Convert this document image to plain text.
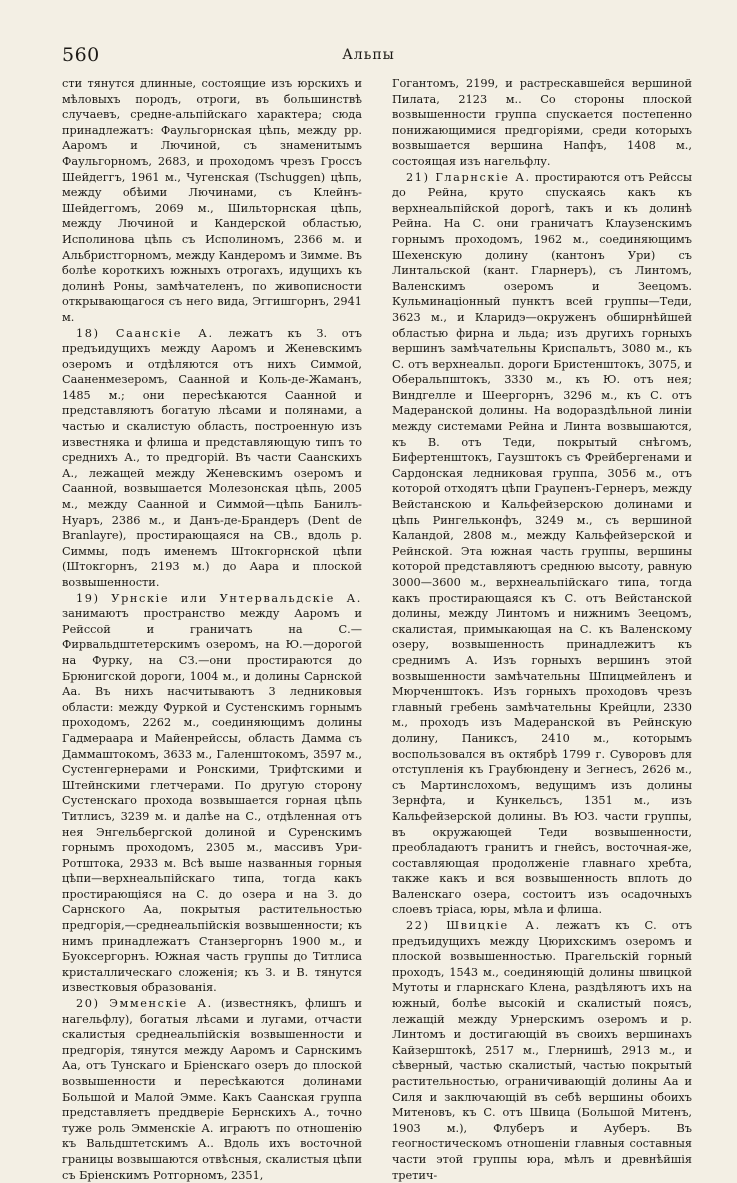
560	Альпы

сти тянутся длинные, состоящие изъ юрскихъ и мѣловыхъ породъ, отроги, въ большинствѣ случаевъ, средне-альпійскаго характера; сюда принадлежатъ: Фаульгорнская цѣпь, между рр. Ааромъ и Лючиной, съ знаменитымъ Фаульгорномъ, 2683, и проходомъ чрезъ Гроссъ Шейдеггъ, 1961 м., Чугенская (Tschuggen) цѣпь, между обѣими Лючинами, съ Клейнъ-Шейдеггомъ, 2069 м., Шильторнская цѣпь, между Лючиной и Кандерской областью, Исполинова цѣпь съ Исполиномъ, 2366 м. и Альбристгорномъ, между Кандеромъ и Зимме. Въ болѣе короткихъ южныхъ отрогахъ, идущихъ къ долинѣ Роны, замѣчателенъ, по живописности открывающагося съ него вида, Эггишгорнъ, 2941 м.

18) Саанскіе А. лежатъ къ З. отъ предъидущихъ между Ааромъ и Женевскимъ озеромъ и отдѣляются отъ нихъ Симмой, Сааненмезеромъ, Саанной и Коль-де-Жаманъ, 1485 м.; они пересѣкаются Саанной и представляютъ богатую лѣсами и полянами, а частью и скалистую область, построенную изъ известняка и флиша и представляющую типъ то среднихъ А., то предгорій. Въ части Саанскихъ А., лежащей между Женевскимъ озеромъ и Саанной, возвышается Молезонская цѣпь, 2005 м., между Саанной и Симмой—цѣпь Банилъ-Нуаръ, 2386 м., и Данъ-де-Брандеръ (Dent de Branlayre), простирающаяся на СВ., вдоль р. Симмы, подъ именемъ Штокгорнской цѣпи (Штокгорнъ, 2193 м.) до Аара и плоской возвышенности.

19) Урнскіе или Унтервальдскіе А. занимаютъ пространство между Ааромъ и Рейссой и граничатъ на С.—Фирвальдштетерскимъ озеромъ, на Ю.—дорогой на Фурку, на СЗ.—они простираются до Брюнигской дороги, 1004 м., и долины Сарнской Аа. Въ нихъ насчитываютъ 3 ледниковыя области: между Фуркой и Сустенскимъ горнымъ проходомъ, 2262 м., соединяющимъ долины Гадмераара и Майенрейссы, область Дамма съ Даммаштокомъ, 3633 м., Галенштокомъ, 3597 м., Сустенгернерами и Ронскими, Трифтскими и Штейнскими глетчерами. По другую сторону Сустенскаго прохода возвышается горная цѣпь Титлисъ, 3239 м. и далѣе на С., отдѣленная отъ нея Энгельбергской долиной и Суренскимъ горнымъ проходомъ, 2305 м., массивъ Ури-Ротштока, 2933 м. Всѣ выше названныя горныя цѣпи—верхнеальпійскаго типа, тогда какъ простирающіяся на С. до озера и на З. до Сарнского Аа, покрытыя растительностью предгорія,—среднеальпійскія возвышенности; къ нимъ принадлежатъ Станзергорнъ 1900 м., и Буоксергорнъ. Южная часть группы до Титлиса кристаллическаго сложенія; къ З. и В. тянутся известковыя образованія.

20) Эмменскіе А. (известнякъ, флишъ и нагельфлу), богатыя лѣсами и лугами, отчасти скалистыя среднеальпійскія возвышенности и предгорія, тянутся между Ааромъ и Сарнскимъ Аа, отъ Тунскаго и Бріенскаго озеръ до плоской возвышенности и пересѣкаются долинами Большой и Малой Эмме. Какъ Саанская группа представляетъ преддверіе Бернскихъ А., точно туже роль Эмменскіе А. играютъ по отношенію къ Вальдштетскимъ А.. Вдоль ихъ восточной границы возвышаются отвѣсныя, скалистыя цѣпи съ Бріенскимъ Ротгорномъ, 2351,

Гогантомъ, 2199, и растрескавшейся вершиной Пилата, 2123 м.. Со стороны плоской возвышенности группа спускается постепенно понижающимися предгоріями, среди которыхъ возвышается вершина Напфъ, 1408 м., состоящая изъ нагельфлу.

21) Гларнскіе А. простираются отъ Рейссы до Рейна, круто спускаясь какъ къ верхнеальпійской дорогѣ, такъ и къ долинѣ Рейна. На С. они граничатъ Клаузенскимъ горнымъ проходомъ, 1962 м., соединяющимъ Шехенскую долину (кантонъ Ури) съ Линтальской (кант. Гларнеръ), съ Линтомъ, Валенскимъ озеромъ и Зеецомъ. Кульминаціонный пунктъ всей группы—Теди, 3623 м., и Кларидэ—окруженъ обширнѣйшей областью фирна и льда; изъ другихъ горныхъ вершинъ замѣчательны Криспальтъ, 3080 м., къ С. отъ верхнеальп. дороги Бристенштокъ, 3075, и Оберальпштокъ, 3330 м., къ Ю. отъ нея; Виндгелле и Шеергорнъ, 3296 м., къ С. отъ Мадеранской долины. На водораздѣльной линіи между системами Рейна и Линта возвышаются, къ В. отъ Теди, покрытый снѣгомъ, Бифертенштокъ, Гаузштокъ съ Фрейбергенами и Сардонская ледниковая группа, 3056 м., отъ которой отходятъ цѣпи Граупенъ-Гернеръ, между Вейстанскою и Кальфейзерскою долинами и цѣпь Рингельконфъ, 3249 м., съ вершиной Каландой, 2808 м., между Кальфейзерской и Рейнской. Эта южная часть группы, вершины которой представляютъ среднюю высоту, равную 3000—3600 м., верхнеальпійскаго типа, тогда какъ простирающаяся къ С. отъ Вейстанской долины, между Линтомъ и нижнимъ Зеецомъ, скалистая, примыкающая на С. къ Валенскому озеру, возвышенность принадлежитъ къ среднимъ А. Изъ горныхъ вершинъ этой возвышенности замѣчательны Шпицмейленъ и Мюрченштокъ. Изъ горныхъ проходовъ чрезъ главный гребень замѣчательны Крейцли, 2330 м., проходъ изъ Мадеранской въ Рейнскую долину, Паниксъ, 2410 м., которымъ воспользовался въ октябрѣ 1799 г. Суворовъ для отступленія къ Граубюндену и Зегнесъ, 2626 м., съ Мартинслохомъ, ведущимъ изъ долины Зернфта, и Кункельсъ, 1351 м., изъ Кальфейзерской долины. Въ ЮЗ. части группы, въ окружающей Теди возвышенности, преобладаютъ гранитъ и гнейсъ, восточная-же, составляющая продолженіе главнаго хребта, также какъ и вся возвышенность вплоть до Валенскаго озера, состоитъ изъ осадочныхъ слоевъ тріаса, юры, мѣла и флиша.

22) Швицкіе А. лежатъ къ С. отъ предъидущихъ между Цюрихскимъ озеромъ и плоской возвышенностью. Прагельскій горный проходъ, 1543 м., соединяющій долины швицкой Мутоты и гларнскаго Клена, раздѣляютъ ихъ на южный, болѣе высокій и скалистый поясъ, лежащій между Урнерскимъ озеромъ и р. Линтомъ и достигающій въ своихъ вершинахъ Кайзерштокѣ, 2517 м., Глернишѣ, 2913 м., и сѣверный, частью скалистый, частью покрытый растительностью, ограничивающій долины Аа и Силя и заключающій въ себѣ вершины обоихъ Митеновъ, къ С. отъ Швица (Большой Митенъ, 1903 м.), Флуберъ и Ауберъ. Въ геогностическомъ отношеніи главныя составныя части этой группы юра, мѣлъ и древнѣйшія третич-
